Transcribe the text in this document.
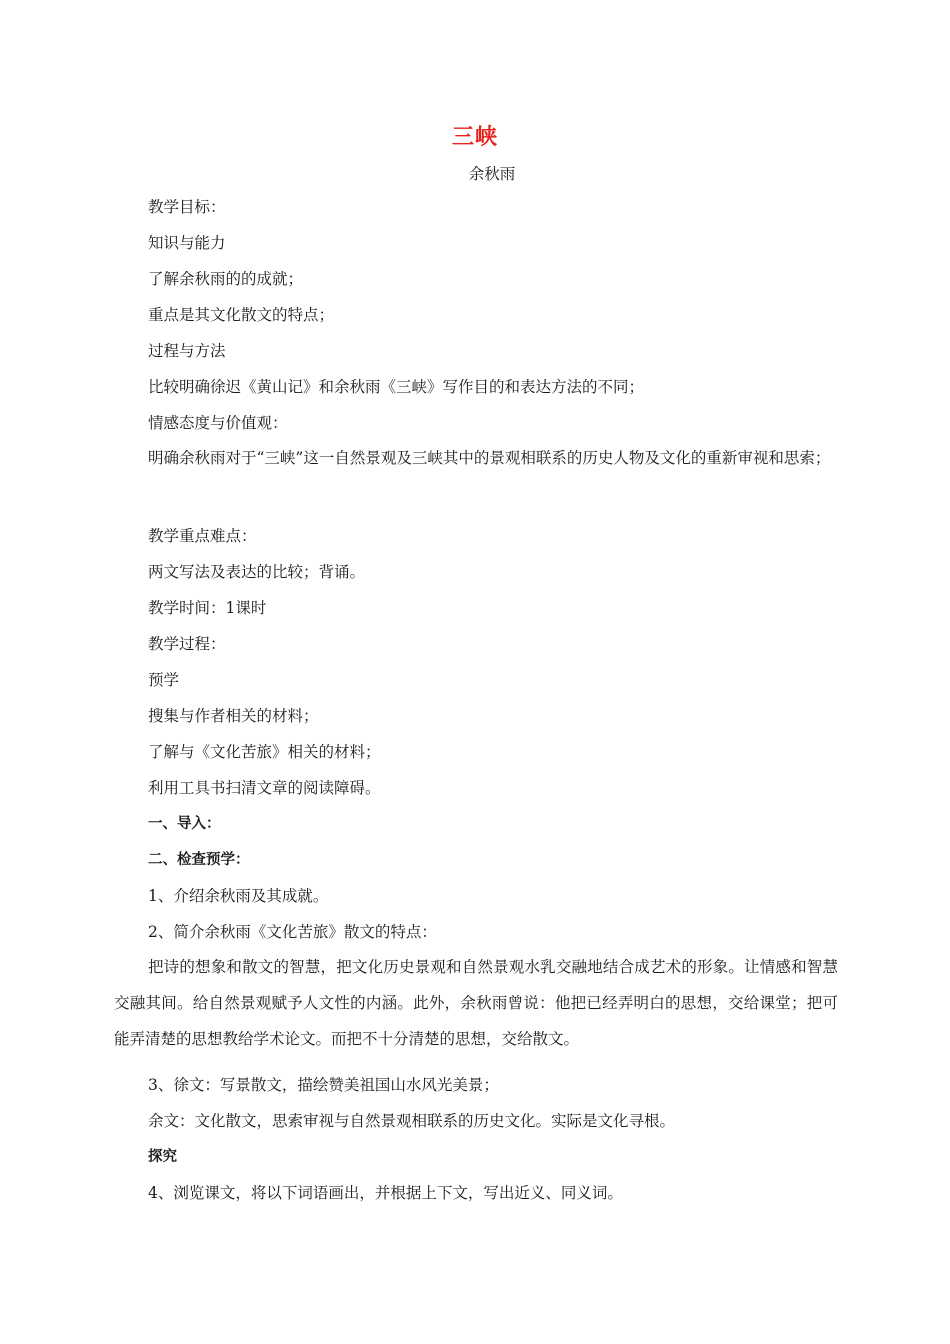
三峡
余秋雨
教学目标：
知识与能力
了解余秋雨的的成就；
重点是其文化散文的特点；
过程与方法
比较明确徐迟《黄山记》和余秋雨《三峡》写作目的和表达方法的不同；
情感态度与价值观：
明确余秋雨对于“三峡”这一自然景观及三峡其中的景观相联系的历史人物及文化的重新审视和思索；
教学重点难点：
两文写法及表达的比较；背诵。
教学时间：1课时
教学过程：
预学
搜集与作者相关的材料；
了解与《文化苦旅》相关的材料；
利用工具书扫清文章的阅读障碍。
一、导入：
二、检查预学：
1、介绍余秋雨及其成就。
2、简介余秋雨《文化苦旅》散文的特点：
把诗的想象和散文的智慧，把文化历史景观和自然景观水乳交融地结合成艺术的形象。让情感和智慧交融其间。给自然景观赋予人文性的内涵。此外，余秋雨曾说：他把已经弄明白的思想，交给课堂；把可能弄清楚的思想教给学术论文。而把不十分清楚的思想，交给散文。
3、徐文：写景散文，描绘赞美祖国山水风光美景；
余文：文化散文，思索审视与自然景观相联系的历史文化。实际是文化寻根。
探究
4、浏览课文，将以下词语画出，并根据上下文，写出近义、同义词。
